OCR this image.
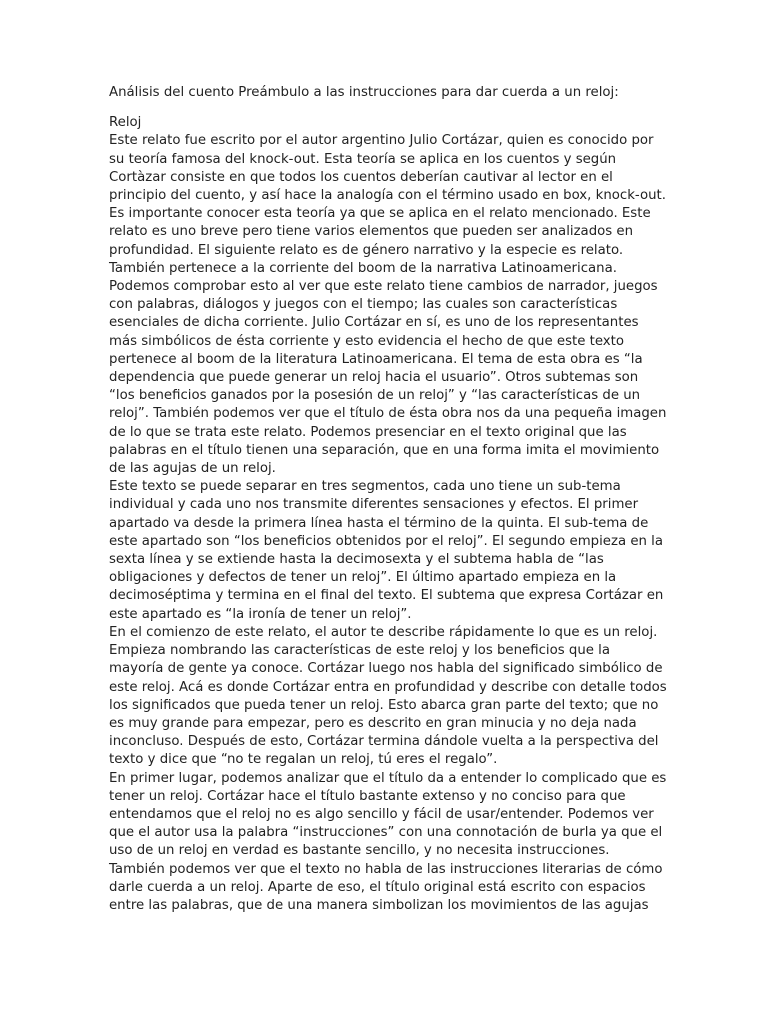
Análisis del cuento Preámbulo a las instrucciones para dar cuerda a un reloj:

Reloj

Este relato fue escrito por el autor argentino Julio Cortázar, quien es conocido por

su teoría famosa del knock-out. Esta teoría se aplica en los cuentos y según

Cortàzar consiste en que todos los cuentos deberían cautivar al lector en el

principio del cuento, y así hace la analogía con el término usado en box, knock-out.

Es importante conocer esta teoría ya que se aplica en el relato mencionado. Este

relato es uno breve pero tiene varios elementos que pueden ser analizados en

profundidad. El siguiente relato es de género narrativo y la especie es relato.

También pertenece a la corriente del boom de la narrativa Latinoamericana.

Podemos comprobar esto al ver que este relato tiene cambios de narrador, juegos

con palabras, diálogos y juegos con el tiempo; las cuales son características

esenciales de dicha corriente. Julio Cortázar en sí, es uno de los representantes

más simbólicos de ésta corriente y esto evidencia el hecho de que este texto

pertenece al boom de la literatura Latinoamericana. El tema de esta obra es “la

dependencia que puede generar un reloj hacia el usuario”. Otros subtemas son

“los beneficios ganados por la posesión de un reloj” y “las características de un

reloj”. También podemos ver que el título de ésta obra nos da una pequeña imagen

de lo que se trata este relato. Podemos presenciar en el texto original que las

palabras en el título tienen una separación, que en una forma imita el movimiento

de las agujas de un reloj.

Este texto se puede separar en tres segmentos, cada uno tiene un sub-tema

individual y cada uno nos transmite diferentes sensaciones y efectos. El primer

apartado va desde la primera línea hasta el término de la quinta. El sub-tema de

este apartado son “los beneficios obtenidos por el reloj”. El segundo empieza en la

sexta línea y se extiende hasta la decimosexta y el subtema habla de “las

obligaciones y defectos de tener un reloj”. El último apartado empieza en la

decimoséptima y termina en el final del texto. El subtema que expresa Cortázar en

este apartado es “la ironía de tener un reloj”.

En el comienzo de este relato, el autor te describe rápidamente lo que es un reloj.

Empieza nombrando las características de este reloj y los beneficios que la

mayoría de gente ya conoce. Cortázar luego nos habla del significado simbólico de

este reloj. Acá es donde Cortázar entra en profundidad y describe con detalle todos

los significados que pueda tener un reloj. Esto abarca gran parte del texto; que no

es muy grande para empezar, pero es descrito en gran minucia y no deja nada

inconcluso. Después de esto, Cortázar termina dándole vuelta a la perspectiva del

texto y dice que “no te regalan un reloj, tú eres el regalo”.

En primer lugar, podemos analizar que el título da a entender lo complicado que es

tener un reloj. Cortázar hace el título bastante extenso y no conciso para que

entendamos que el reloj no es algo sencillo y fácil de usar/entender. Podemos ver

que el autor usa la palabra “instrucciones” con una connotación de burla ya que el

uso de un reloj en verdad es bastante sencillo, y no necesita instrucciones.

También podemos ver que el texto no habla de las instrucciones literarias de cómo

darle cuerda a un reloj. Aparte de eso, el título original está escrito con espacios

entre las palabras, que de una manera simbolizan los movimientos de las agujas
